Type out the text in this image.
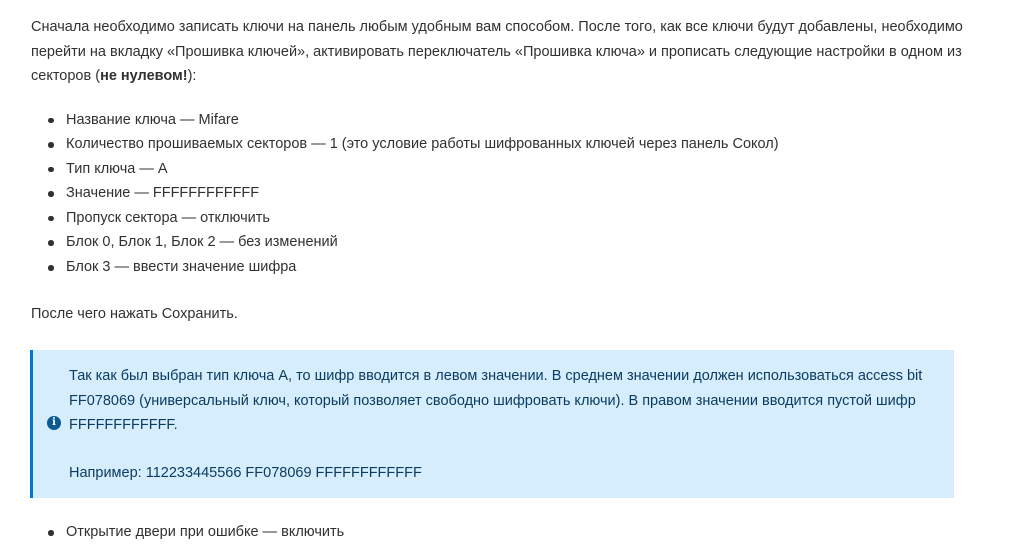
Сначала необходимо записать ключи на панель любым удобным вам способом. После того, как все ключи будут добавлены, необходимо перейти на вкладку «Прошивка ключей», активировать переключатель «Прошивка ключа» и прописать следующие настройки в одном из секторов (не нулевом!):

Название ключа — Mifare
Количество прошиваемых секторов — 1 (это условие работы шифрованных ключей через панель Сокол)
Тип ключа — А
Значение — FFFFFFFFFFFF
Пропуск сектора — отключить
Блок 0, Блок 1, Блок 2 — без изменений
Блок 3 — ввести значение шифра

После чего нажать Сохранить.

i

Так как был выбран тип ключа А, то шифр вводится в левом значении. В среднем значении должен использоваться access bit FF078069 (универсальный ключ, который позволяет свободно шифровать ключи). В правом значении вводится пустой шифр FFFFFFFFFFFF.

Например: 112233445566 FF078069 FFFFFFFFFFFF

Открытие двери при ошибке — включить
